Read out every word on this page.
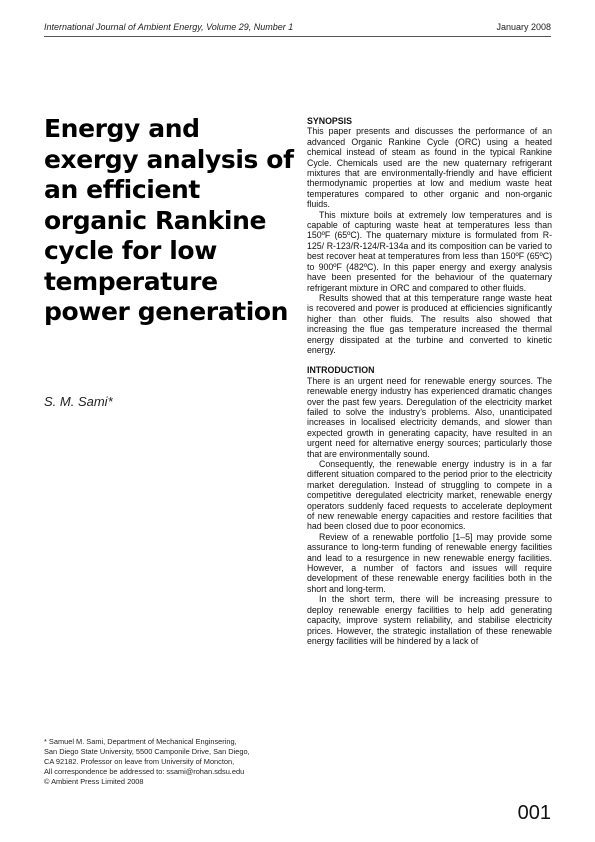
International Journal of Ambient Energy, Volume 29, Number 1	January 2008
Energy and exergy analysis of an efficient organic Rankine cycle for low temperature power generation

S. M. Sami*

* Samuel M. Sami, Department of Mechanical Enginsering,

San Diego State University, 5500 Camponile Drive, San Diego,

CA 92182. Professor on leave from University of Moncton,

All correspondence be addressed to: ssami@rohan.sdsu.edu

© Ambient Press Limited 2008

SYNOPSIS

This paper presents and discusses the performance of an advanced Organic Rankine Cycle (ORC) using a heated chemical instead of steam as found in the typical Rankine Cycle. Chemicals used are the new quaternary refrigerant mixtures that are environmentally-friendly and have efficient thermodynamic properties at low and medium waste heat temperatures compared to other organic and non-organic fluids.

This mixture boils at extremely low temperatures and is capable of capturing waste heat at temperatures less than 150ºF (65ºC). The quaternary mixture is formulated from R-125/ R-123/R-124/R-134a and its composition can be varied to best recover heat at temperatures from less than 150ºF (65ºC) to 900ºF (482ºC). In this paper energy and exergy analysis have been presented for the behaviour of the quaternary refrigerant mixture in ORC and compared to other fluids.

Results showed that at this temperature range waste heat is recovered and power is produced at efficiencies significantly higher than other fluids. The results also showed that increasing the flue gas temperature increased the thermal energy dissipated at the turbine and converted to kinetic energy.

INTRODUCTION

There is an urgent need for renewable energy sources. The renewable energy industry has experienced dramatic changes over the past few years. Deregulation of the electricity market failed to solve the industry’s problems. Also, unanticipated increases in localised electricity demands, and slower than expected growth in generating capacity, have resulted in an urgent need for alternative energy sources; particularly those that are environmentally sound.

Consequently, the renewable energy industry is in a far different situation compared to the period prior to the electricity market deregulation. Instead of struggling to compete in a competitive deregulated electricity market, renewable energy operators suddenly faced requests to accelerate deployment of new renewable energy capacities and restore facilities that had been closed due to poor economics.

Review of a renewable portfolio [1–5] may provide some assurance to long-term funding of renewable energy facilities and lead to a resurgence in new renewable energy facilities. However, a number of factors and issues will require development of these renewable energy facilities both in the short and long-term.

In the short term, there will be increasing pressure to deploy renewable energy facilities to help add generating capacity, improve system reliability, and stabilise electricity prices. However, the strategic installation of these renewable energy facilities will be hindered by a lack of

001
